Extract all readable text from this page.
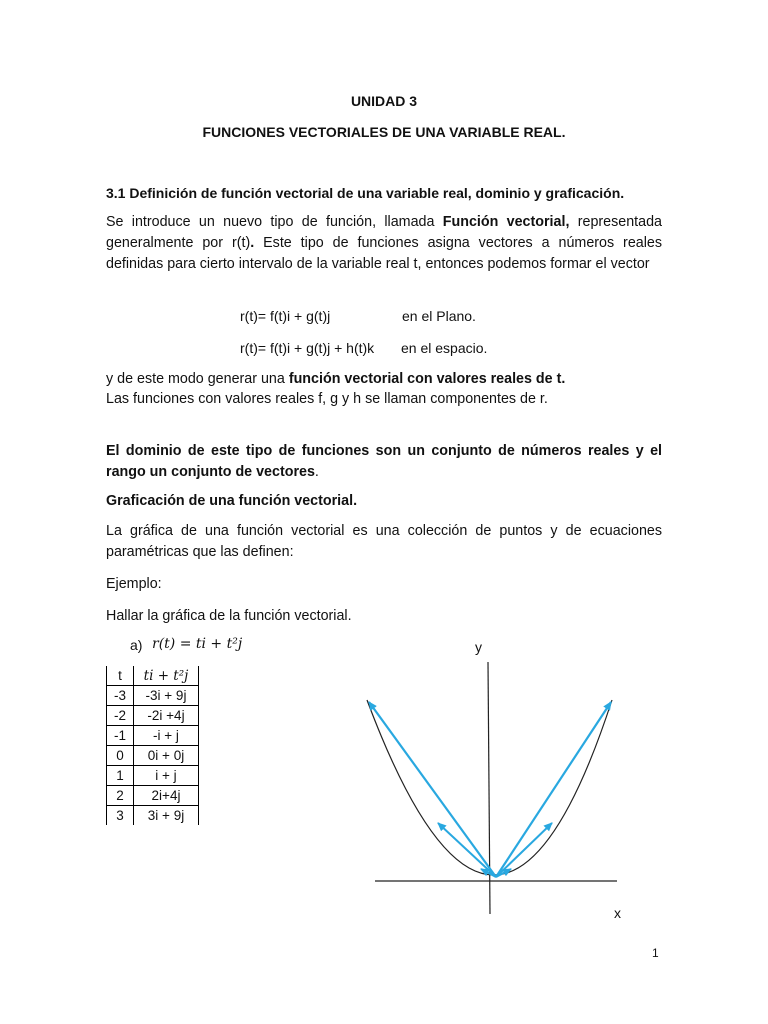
UNIDAD 3
FUNCIONES VECTORIALES DE UNA VARIABLE REAL.
3.1 Definición de función vectorial de una variable real, dominio y graficación.
Se introduce un nuevo tipo de función, llamada Función vectorial, representada generalmente por r(t). Este tipo de funciones asigna vectores a números reales definidas para cierto intervalo de la variable real t, entonces podemos formar el vector
r(t)= f(t)i + g(t)j	en el Plano.
r(t)= f(t)i + g(t)j + h(t)k en el espacio.
y de este modo generar una función vectorial con valores reales de t.
Las funciones con valores reales f, g y h se llaman componentes de r.
El dominio de este tipo de funciones son un conjunto de números reales y el rango un conjunto de vectores.
Graficación de una función vectorial.
La gráfica de una función vectorial es una colección de puntos y de ecuaciones paramétricas que las definen:
Ejemplo:
Hallar la gráfica de la función vectorial.
a) r(t) = ti + t²j
t	ti + t²j
-3	-3i + 9j
-2	-2i +4j
-1	-i + j
0	0i + 0j
1	i + j
2	2i+4j
3	3i + 9j
y
x
1
